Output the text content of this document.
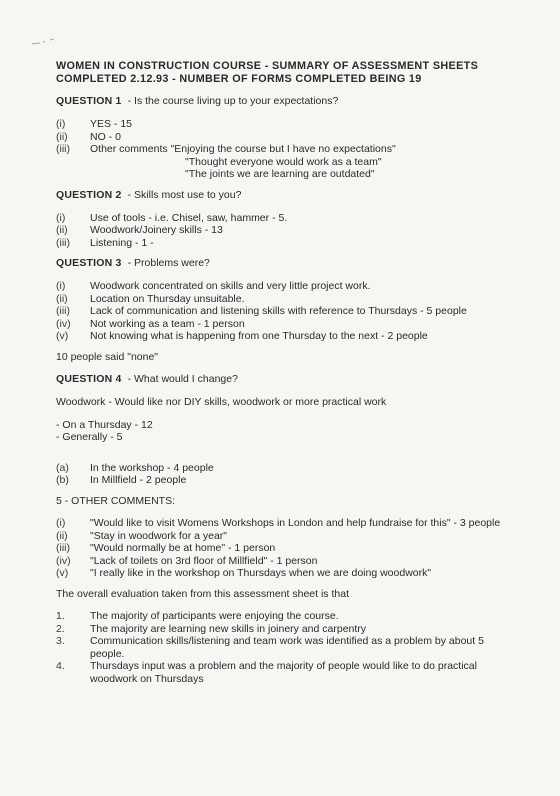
WOMEN IN CONSTRUCTION COURSE - SUMMARY OF ASSESSMENT SHEETS COMPLETED 2.12.93 - NUMBER OF FORMS COMPLETED BEING 19
QUESTION 1 - Is the course living up to your expectations?
(i)	YES - 15
(ii)	NO - 0
(iii)	Other comments "Enjoying the course but I have no expectations"
"Thought everyone would work as a team"
"The joints we are learning are outdated"
QUESTION 2 - Skills most use to you?
(i)	Use of tools - i.e. Chisel, saw, hammer - 5.
(ii)	Woodwork/Joinery skills - 13
(iii)	Listening - 1 -
QUESTION 3 - Problems were?
(i)	Woodwork concentrated on skills and very little project work.
(ii)	Location on Thursday unsuitable.
(iii)	Lack of communication and listening skills with reference to Thursdays - 5 people
(iv)	Not working as a team - 1 person
(v)	Not knowing what is happening from one Thursday to the next - 2 people
10 people said "none"
QUESTION 4 - What would I change?
Woodwork - Would like nor DIY skills, woodwork or more practical work
- On a Thursday - 12
- Generally - 5
(a)	In the workshop - 4 people
(b)	In Millfield - 2 people
5 - OTHER COMMENTS:
(i)	"Would like to visit Womens Workshops in London and help fundraise for this" - 3 people
(ii)	"Stay in woodwork for a year"
(iii)	"Would normally be at home" - 1 person
(iv)	"Lack of toilets on 3rd floor of Millfield" - 1 person
(v)	"I really like in the workshop on Thursdays when we are doing woodwork"
The overall evaluation taken from this assessment sheet is that
1.	The majority of participants were enjoying the course.
2.	The majority are learning new skills in joinery and carpentry
3.	Communication skills/listening and team work was identified as a problem by about 5 people.
4.	Thursdays input was a problem and the majority of people would like to do practical woodwork on Thursdays
